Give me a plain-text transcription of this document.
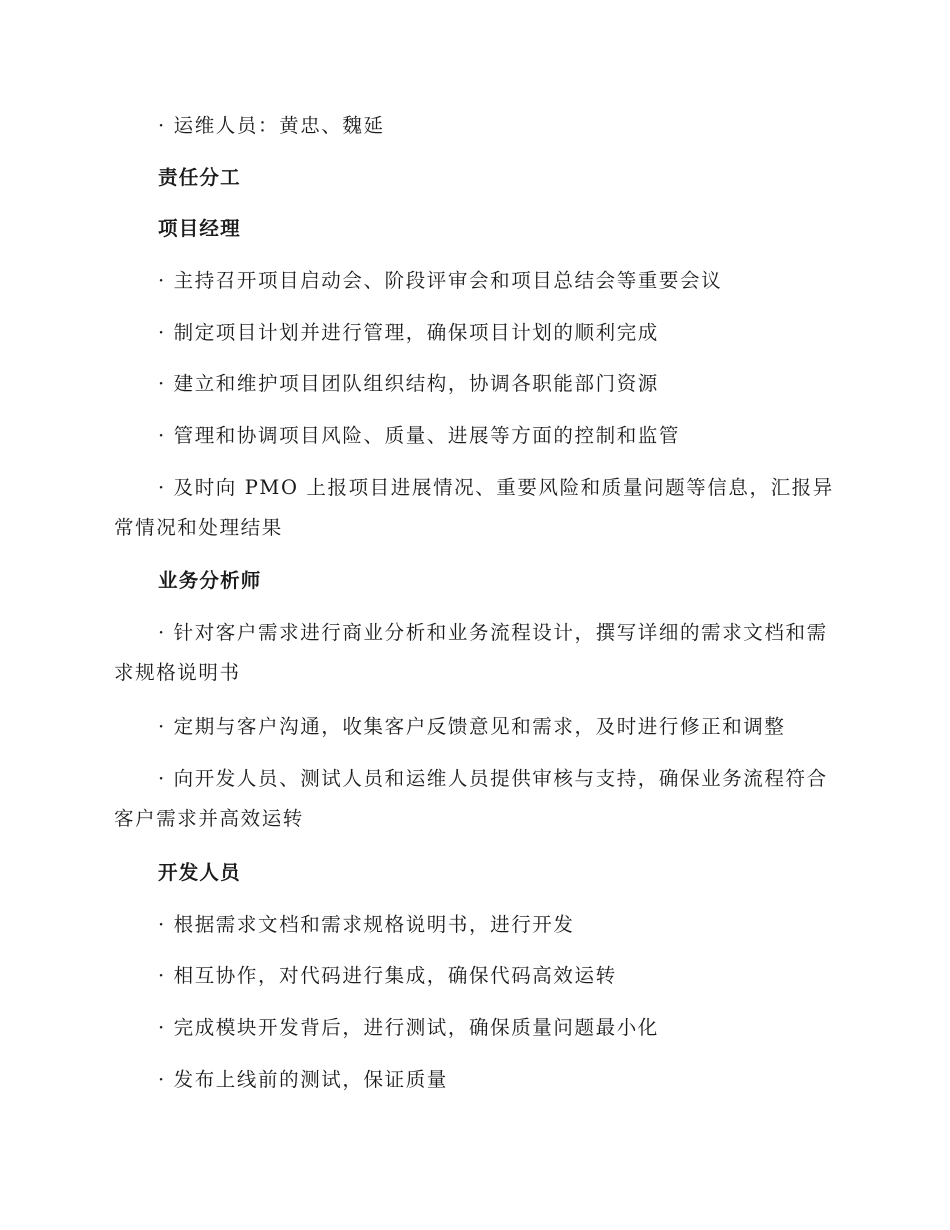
· 运维人员：黄忠、魏延

责任分工

项目经理

· 主持召开项目启动会、阶段评审会和项目总结会等重要会议

· 制定项目计划并进行管理，确保项目计划的顺利完成

· 建立和维护项目团队组织结构，协调各职能部门资源

· 管理和协调项目风险、质量、进展等方面的控制和监管

· 及时向 PMO 上报项目进展情况、重要风险和质量问题等信息，汇报异常情况和处理结果

业务分析师

· 针对客户需求进行商业分析和业务流程设计，撰写详细的需求文档和需求规格说明书

· 定期与客户沟通，收集客户反馈意见和需求，及时进行修正和调整

· 向开发人员、测试人员和运维人员提供审核与支持，确保业务流程符合客户需求并高效运转

开发人员

· 根据需求文档和需求规格说明书，进行开发

· 相互协作，对代码进行集成，确保代码高效运转

· 完成模块开发背后，进行测试，确保质量问题最小化

· 发布上线前的测试，保证质量
